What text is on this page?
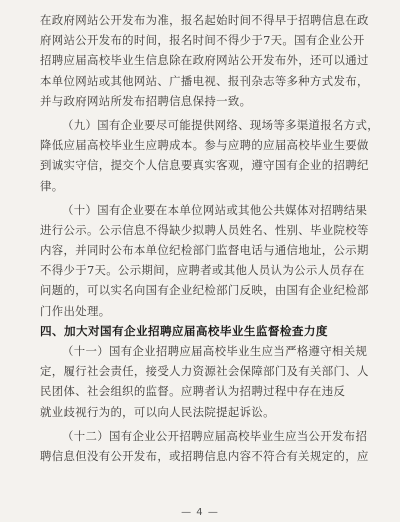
在政府网站公开发布为准，报名起始时间不得早于招聘信息在政
府网站公开发布的时间，报名时间不得少于7天。国有企业公开
招聘应届高校毕业生信息除在政府网站公开发布外，还可以通过
本单位网站或其他网站、广播电视、报刊杂志等多种方式发布，
并与政府网站所发布招聘信息保持一致。
（九）国有企业要尽可能提供网络、现场等多渠道报名方式，
降低应届高校毕业生应聘成本。参与应聘的应届高校毕业生要做
到诚实守信，提交个人信息要真实客观，遵守国有企业的招聘纪
律。
（十）国有企业要在本单位网站或其他公共媒体对招聘结果
进行公示。公示信息不得缺少拟聘人员姓名、性别、毕业院校等
内容，并同时公布本单位纪检部门监督电话与通信地址，公示期
不得少于7天。公示期间，应聘者或其他人员认为公示人员存在
问题的，可以实名向国有企业纪检部门反映，由国有企业纪检部
门作出处理。
四、加大对国有企业招聘应届高校毕业生监督检查力度
（十一）国有企业招聘应届高校毕业生应当严格遵守相关规
定，履行社会责任，接受人力资源社会保障部门及有关部门、人
民团体、社会组织的监督。应聘者认为招聘过程中存在违反
就业歧视行为的，可以向人民法院提起诉讼。
（十二）国有企业公开招聘应届高校毕业生应当公开发布招
聘信息但没有公开发布，或招聘信息内容不符合有关规定的，应
— 4 —
